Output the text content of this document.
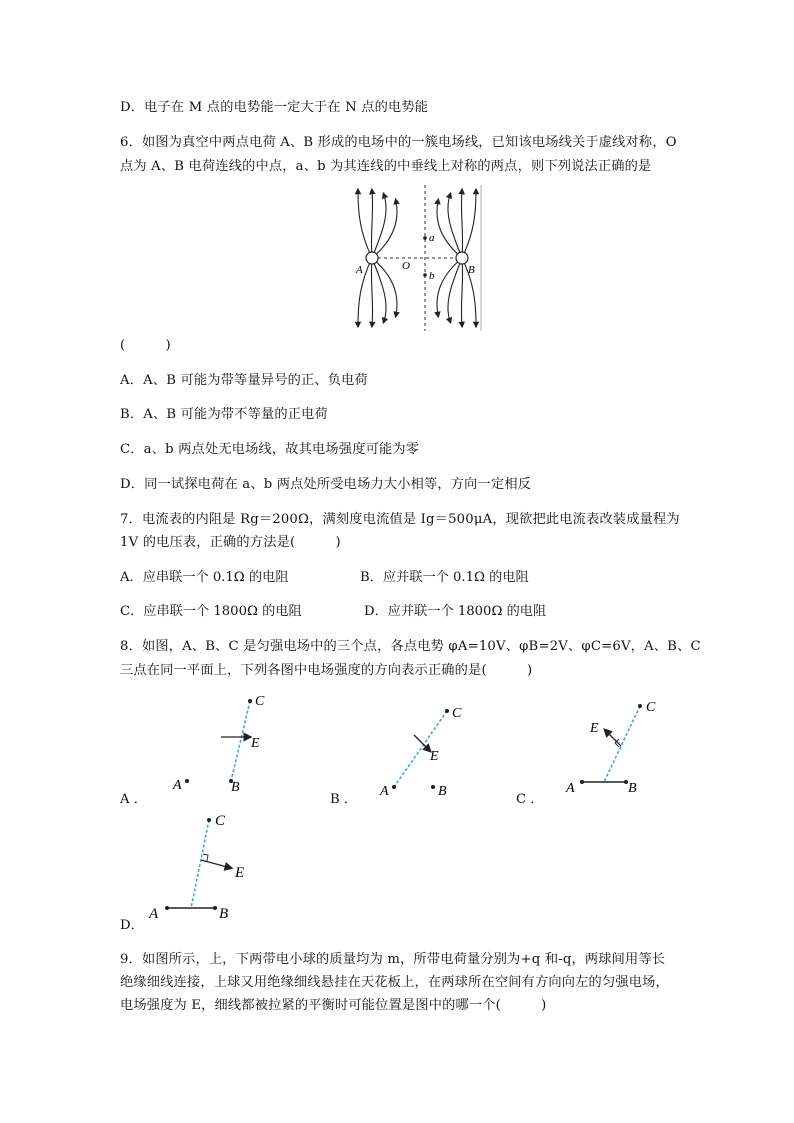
D．电子在 M 点的电势能一定大于在 N 点的电势能
6．如图为真空中两点电荷 A、B 形成的电场中的一簇电场线，已知该电场线关于虚线对称，O
点为 A、B 电荷连线的中点，a、b 为其连线的中垂线上对称的两点，则下列说法正确的是
a
b
O
A	B
(　　　)
A．A、B 可能为带等量异号的正、负电荷
B．A、B 可能为带不等量的正电荷
C．a、b 两点处无电场线，故其电场强度可能为零
D．同一试探电荷在 a、b 两点处所受电场力大小相等，方向一定相反
7．电流表的内阻是 Rg＝200Ω，满刻度电流值是 Ig＝500μA，现欲把此电流表改装成量程为
1V 的电压表，正确的方法是(　　　)
A．应串联一个 0.1Ω 的电阻	B．应并联一个 0.1Ω 的电阻
C．应串联一个 1800Ω 的电阻	D．应并联一个 1800Ω 的电阻
8．如图，A、B、C 是匀强电场中的三个点，各点电势 φA=10V、φB=2V、φC=6V，A、B、C
三点在同一平面上，下列各图中电场强度的方向表示正确的是(　　　)
A ．
C
E
A	B
B ．
C
E
A	B
C ．
C
E
A	B
D．
C
E
A	B
9．如图所示，上，下两带电小球的质量均为 m，所带电荷量分别为+q 和-q，两球间用等长
绝缘细线连接，上球又用绝缘细线悬挂在天花板上，在两球所在空间有方向向左的匀强电场，
电场强度为 E，细线都被拉紧的平衡时可能位置是图中的哪一个(　　　)
